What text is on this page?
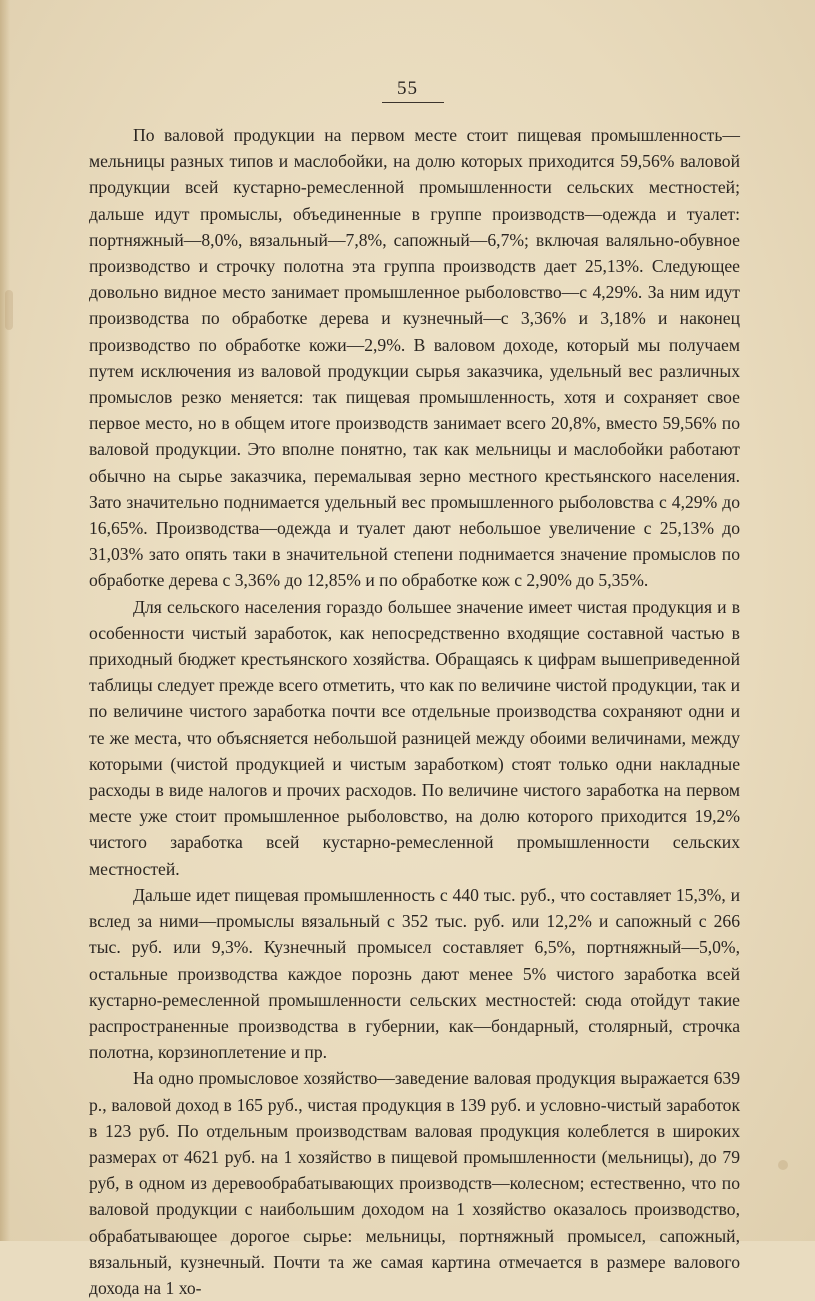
55

По валовой продукции на первом месте стоит пищевая промышленность—мельницы разных типов и маслобойки, на долю которых приходится 59,56% валовой продукции всей кустарно-ремесленной промышленности сельских местностей; дальше идут промыслы, объединенные в группе производств—одежда и туалет: портняжный—8,0%, вязальный—7,8%, сапожный—6,7%; включая валяльно-обувное производство и строчку полотна эта группа производств дает 25,13%. Следующее довольно видное место занимает промышленное рыболовство—с 4,29%. За ним идут производства по обработке дерева и кузнечный—с 3,36% и 3,18% и наконец производство по обработке кожи—2,9%. В валовом доходе, который мы получаем путем исключения из валовой продукции сырья заказчика, удельный вес различных промыслов резко меняется: так пищевая промышленность, хотя и сохраняет свое первое место, но в общем итоге производств занимает всего 20,8%, вместо 59,56% по валовой продукции. Это вполне понятно, так как мельницы и маслобойки работают обычно на сырье заказчика, перемалывая зерно местного крестьянского населения. Зато значительно поднимается удельный вес промышленного рыболовства с 4,29% до 16,65%. Производства—одежда и туалет дают небольшое увеличение с 25,13% до 31,03% зато опять таки в значительной степени поднимается значение промыслов по обработке дерева с 3,36% до 12,85% и по обработке кож с 2,90% до 5,35%.

Для сельского населения гораздо большее значение имеет чистая продукция и в особенности чистый заработок, как непосредственно входящие составной частью в приходный бюджет крестьянского хозяйства. Обращаясь к цифрам вышеприведенной таблицы следует прежде всего отметить, что как по величине чистой продукции, так и по величине чистого заработка почти все отдельные производства сохраняют одни и те же места, что объясняется небольшой разницей между обоими величинами, между которыми (чистой продукцией и чистым заработком) стоят только одни накладные расходы в виде налогов и прочих расходов. По величине чистого заработка на первом месте уже стоит промышленное рыболовство, на долю которого приходится 19,2% чистого заработка всей кустарно-ремесленной промышленности сельских местностей.

Дальше идет пищевая промышленность с 440 тыс. руб., что составляет 15,3%, и вслед за ними—промыслы вязальный с 352 тыс. руб. или 12,2% и сапожный с 266 тыс. руб. или 9,3%. Кузнечный промысел составляет 6,5%, портняжный—5,0%, остальные производства каждое порознь дают менее 5% чистого заработка всей кустарно-ремесленной промышленности сельских местностей: сюда отойдут такие распространенные производства в губернии, как—бондарный, столярный, строчка полотна, корзиноплетение и пр.

На одно промысловое хозяйство—заведение валовая продукция выражается 639 р., валовой доход в 165 руб., чистая продукция в 139 руб. и условно-чистый заработок в 123 руб. По отдельным производствам валовая продукция колеблется в широких размерах от 4621 руб. на 1 хозяйство в пищевой промышленности (мельницы), до 79 руб, в одном из деревообрабатывающих производств—колесном; естественно, что по валовой продукции с наибольшим доходом на 1 хозяйство оказалось производство, обрабатывающее дорогое сырье: мельницы, портняжный промысел, сапожный, вязальный, кузнечный. Почти та же самая картина отмечается в размере валового дохода на 1 хо-
